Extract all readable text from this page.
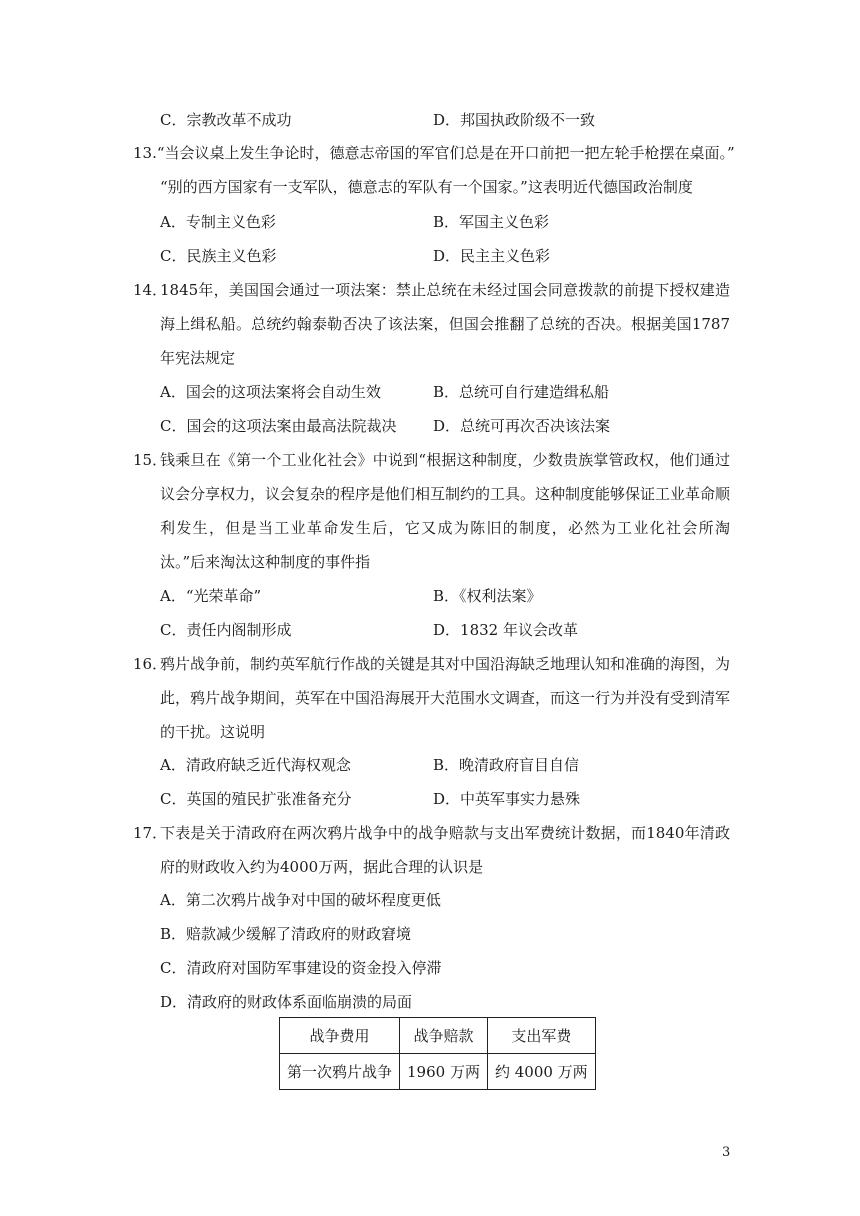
C．宗教改革不成功	D．邦国执政阶级不一致
13.“当会议桌上发生争论时，德意志帝国的军官们总是在开口前把一把左轮手枪摆在桌面。”
“别的西方国家有一支军队，德意志的军队有一个国家。”这表明近代德国政治制度
A．专制主义色彩	B．军国主义色彩
C．民族主义色彩	D．民主主义色彩
14．
1845年，美国国会通过一项法案：禁止总统在未经过国会同意拨款的前提下授权建造海上缉私船。总统约翰泰勒否决了该法案，但国会推翻了总统的否决。根据美国1787年宪法规定
A．国会的这项法案将会自动生效	B．总统可自行建造缉私船
C．国会的这项法案由最高法院裁决 D．总统可再次否决该法案
15．
钱乘旦在《第一个工业化社会》中说到“根据这种制度，少数贵族掌管政权，他们通过议会分享权力，议会复杂的程序是他们相互制约的工具。这种制度能够保证工业革命顺利发生，但是当工业革命发生后，它又成为陈旧的制度，必然为工业化社会所淘汰。”后来淘汰这种制度的事件指
A．“光荣革命”	B．《权利法案》
C．责任内阁制形成	D．1832 年议会改革
16．
鸦片战争前，制约英军航行作战的关键是其对中国沿海缺乏地理认知和准确的海图，为此，鸦片战争期间，英军在中国沿海展开大范围水文调查，而这一行为并没有受到清军的干扰。这说明
A．清政府缺乏近代海权观念	B．晚清政府盲目自信
C．英国的殖民扩张准备充分	D．中英军事实力悬殊
17．
下表是关于清政府在两次鸦片战争中的战争赔款与支出军费统计数据，而1840年清政府的财政收入约为4000万两，据此合理的认识是
A．第二次鸦片战争对中国的破坏程度更低
B．赔款减少缓解了清政府的财政窘境
C．清政府对国防军事建设的资金投入停滞
D．清政府的财政体系面临崩溃的局面
战争费用	战争赔款	支出军费
第一次鸦片战争	1960 万两	约 4000 万两
3
